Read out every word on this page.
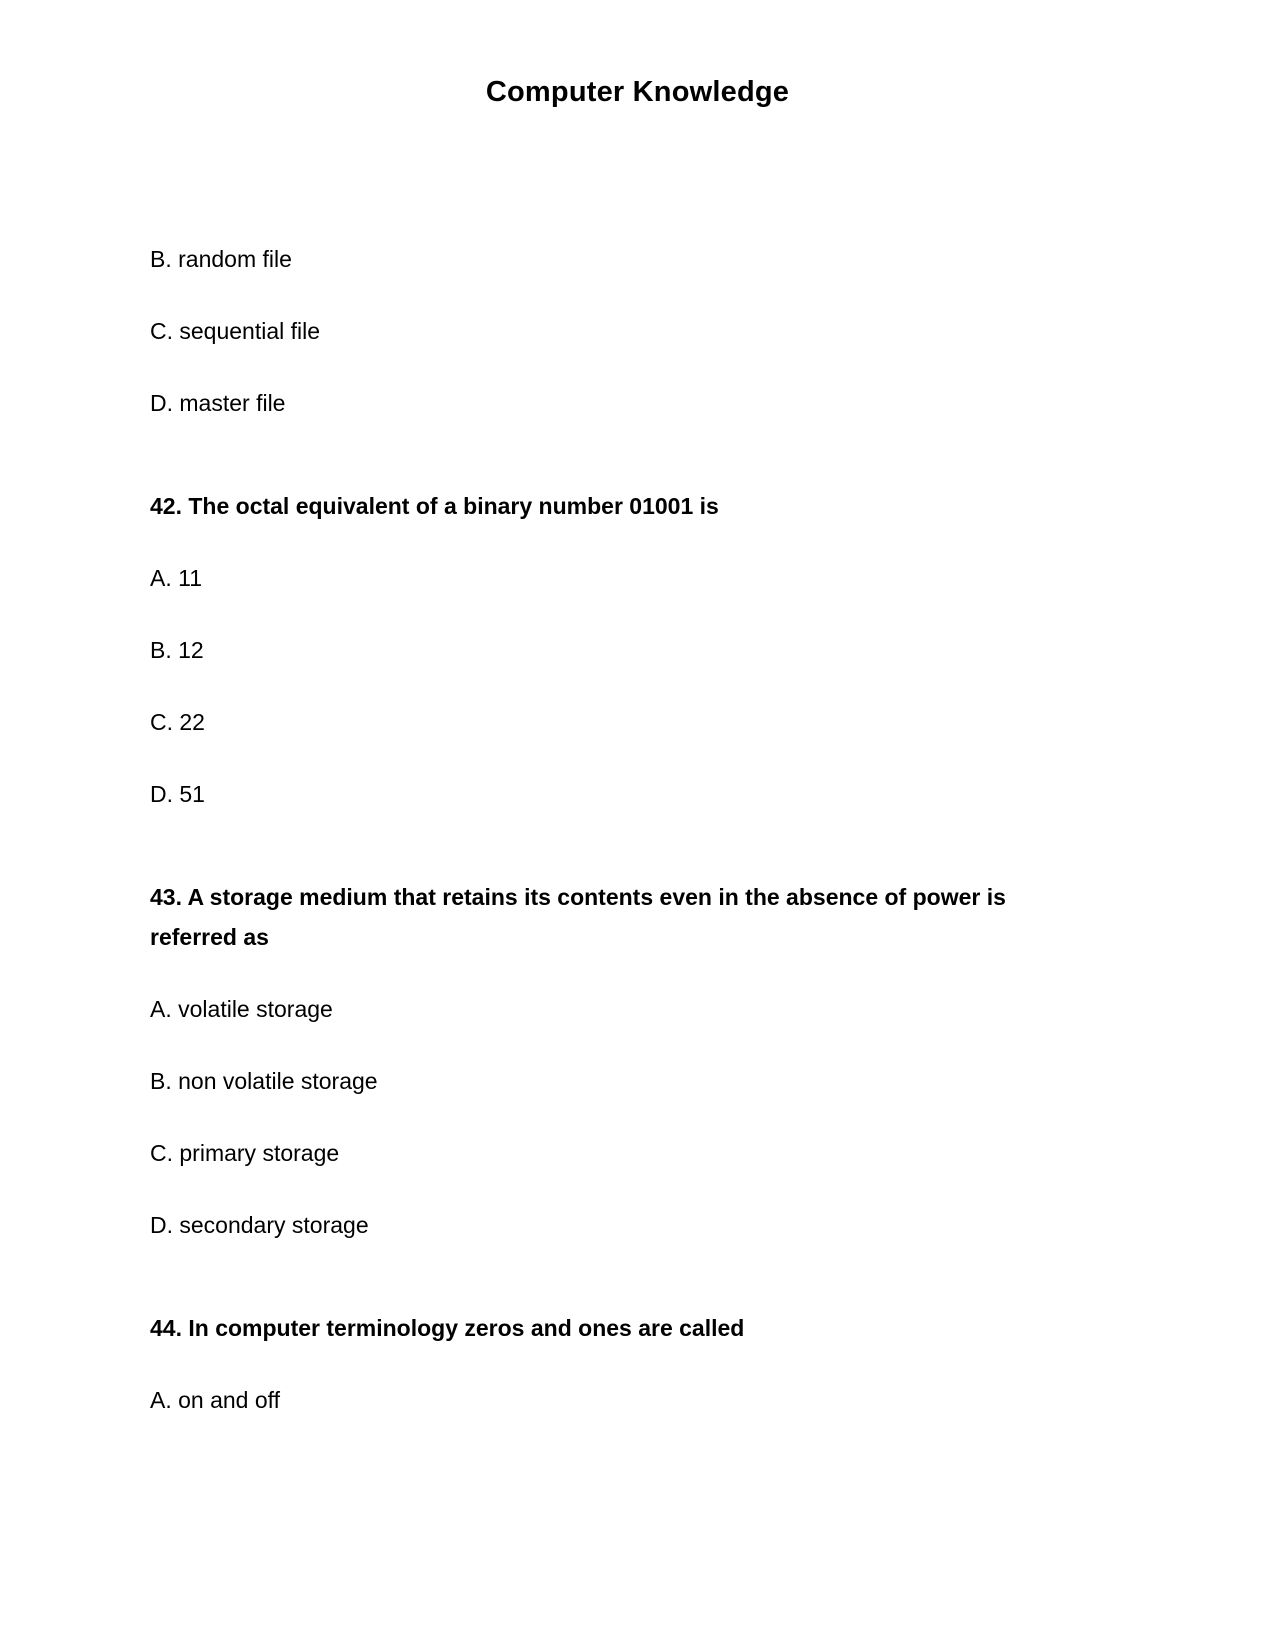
Computer Knowledge
B. random file
C. sequential file
D. master file
42. The octal equivalent of a binary number 01001 is
A. 11
B. 12
C. 22
D. 51
43. A storage medium that retains its contents even in the absence of power is
referred as
A. volatile storage
B. non volatile storage
C. primary storage
D. secondary storage
44. In computer terminology zeros and ones are called
A. on and off
